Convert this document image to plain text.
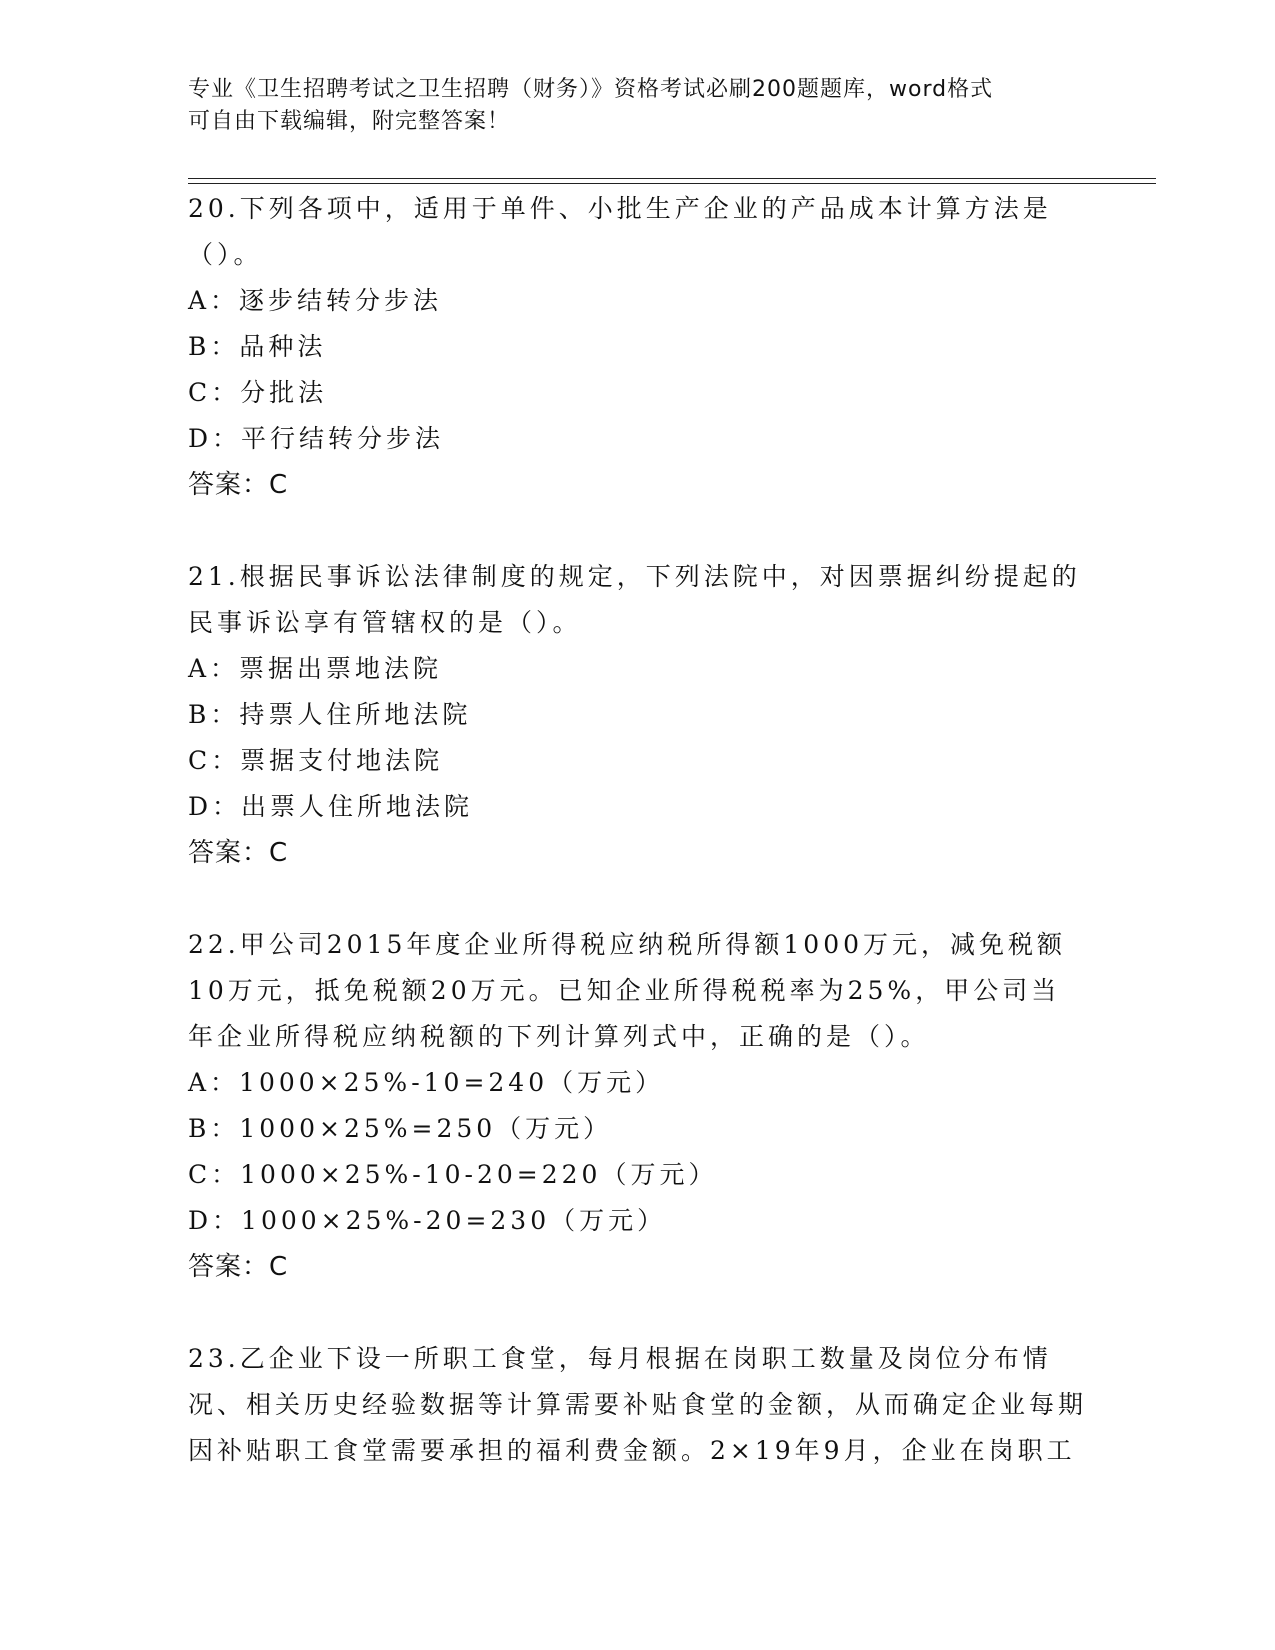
专业《卫生招聘考试之卫生招聘（财务）》资格考试必刷200题题库，word格式
可自由下载编辑，附完整答案！
20.下列各项中，适用于单件、小批生产企业的产品成本计算方法是（）。
A：逐步结转分步法
B：品种法
C：分批法
D：平行结转分步法
答案：C
21.根据民事诉讼法律制度的规定，下列法院中，对因票据纠纷提起的民事诉讼享有管辖权的是（）。
A：票据出票地法院
B：持票人住所地法院
C：票据支付地法院
D：出票人住所地法院
答案：C
22.甲公司2015年度企业所得税应纳税所得额1000万元，减免税额10万元，抵免税额20万元。已知企业所得税税率为25%，甲公司当年企业所得税应纳税额的下列计算列式中，正确的是（）。
A：1000×25%-10=240（万元）
B：1000×25%=250（万元）
C：1000×25%-10-20=220（万元）
D：1000×25%-20=230（万元）
答案：C
23.乙企业下设一所职工食堂，每月根据在岗职工数量及岗位分布情况、相关历史经验数据等计算需要补贴食堂的金额，从而确定企业每期因补贴职工食堂需要承担的福利费金额。2×19年9月，企业在岗职工
